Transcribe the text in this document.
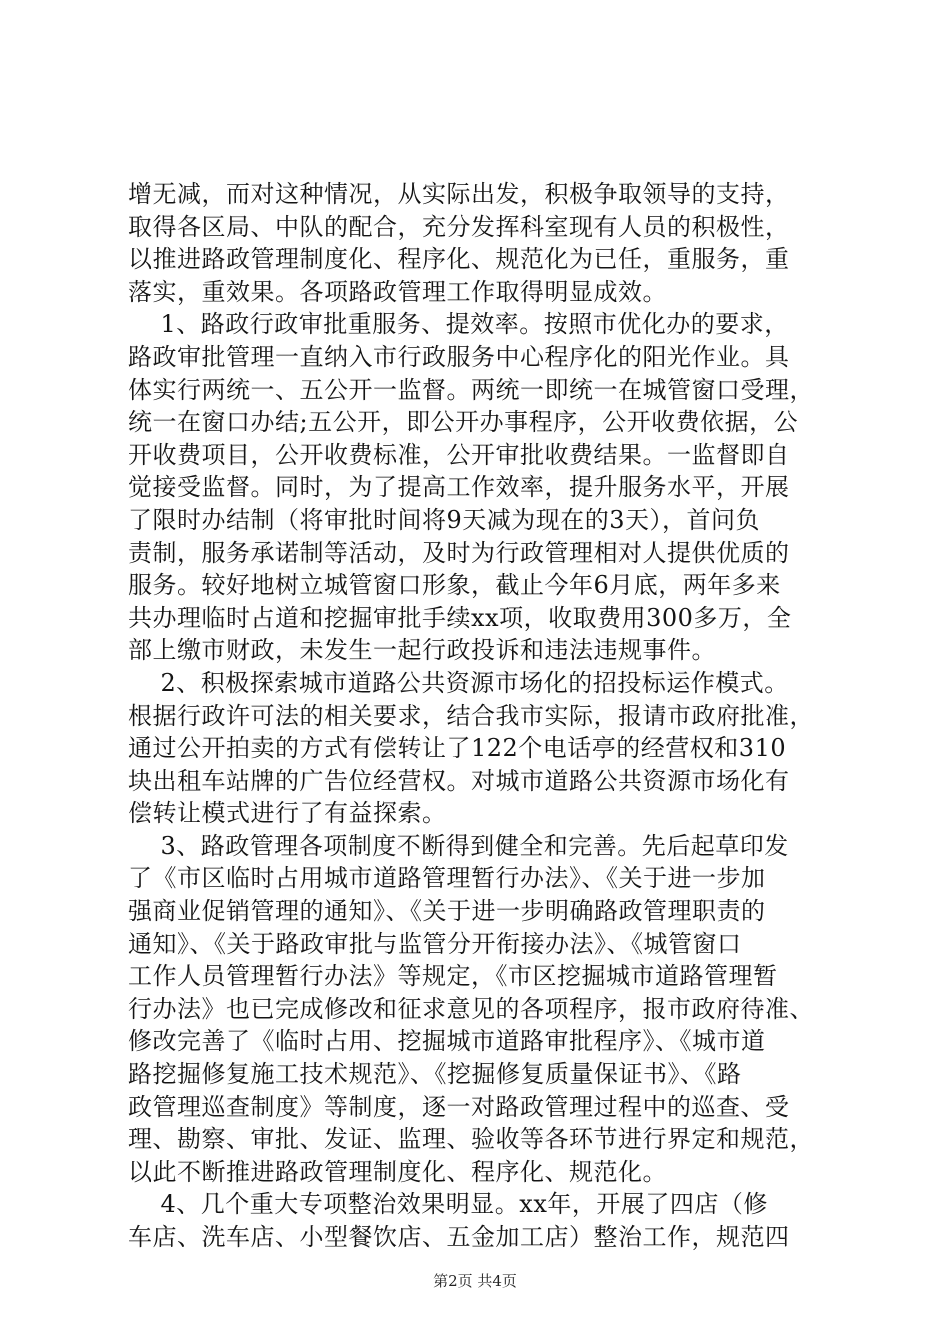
增无减，而对这种情况，从实际出发，积极争取领导的支持，
取得各区局、中队的配合，充分发挥科室现有人员的积极性，
以推进路政管理制度化、程序化、规范化为已任，重服务，重
落实，重效果。各项路政管理工作取得明显成效。
1、路政行政审批重服务、提效率。按照市优化办的要求，
路政审批管理一直纳入市行政服务中心程序化的阳光作业。具
体实行两统一、五公开一监督。两统一即统一在城管窗口受理，
统一在窗口办结;五公开，即公开办事程序，公开收费依据，公
开收费项目，公开收费标准，公开审批收费结果。一监督即自
觉接受监督。同时，为了提高工作效率，提升服务水平，开展
了限时办结制（将审批时间将9天减为现在的3天），首问负
责制，服务承诺制等活动，及时为行政管理相对人提供优质的
服务。较好地树立城管窗口形象，截止今年6月底，两年多来
共办理临时占道和挖掘审批手续xx项，收取费用300多万，全
部上缴市财政，未发生一起行政投诉和违法违规事件。
2、积极探索城市道路公共资源市场化的招投标运作模式。
根据行政许可法的相关要求，结合我市实际，报请市政府批准，
通过公开拍卖的方式有偿转让了122个电话亭的经营权和310
块出租车站牌的广告位经营权。对城市道路公共资源市场化有
偿转让模式进行了有益探索。
3、路政管理各项制度不断得到健全和完善。先后起草印发
了《市区临时占用城市道路管理暂行办法》、《关于进一步加
强商业促销管理的通知》、《关于进一步明确路政管理职责的
通知》、《关于路政审批与监管分开衔接办法》、《城管窗口
工作人员管理暂行办法》等规定，《市区挖掘城市道路管理暂
行办法》也已完成修改和征求意见的各项程序，报市政府待准、
修改完善了《临时占用、挖掘城市道路审批程序》、《城市道
路挖掘修复施工技术规范》、《挖掘修复质量保证书》、《路
政管理巡查制度》等制度，逐一对路政管理过程中的巡查、受
理、勘察、审批、发证、监理、验收等各环节进行界定和规范，
以此不断推进路政管理制度化、程序化、规范化。
4、几个重大专项整治效果明显。xx年，开展了四店（修
车店、洗车店、小型餐饮店、五金加工店）整治工作，规范四
第2页 共4页
